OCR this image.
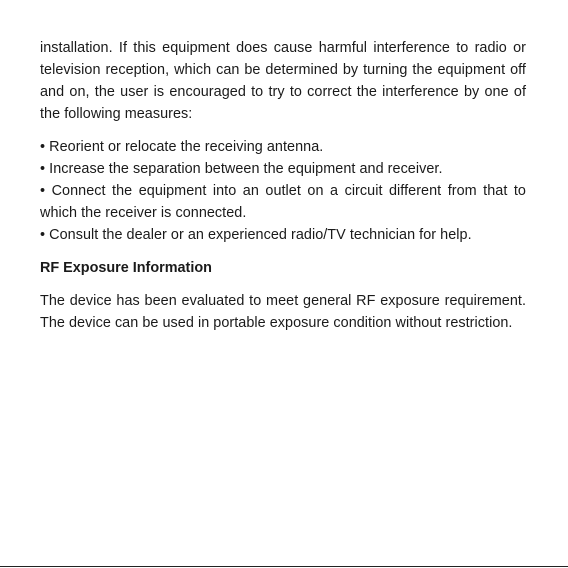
installation. If this equipment does cause harmful interference to radio or television reception, which can be determined by turning the equipment off and on, the user is encouraged to try to correct the interference by one of the following measures:

• Reorient or relocate the receiving antenna.
• Increase the separation between the equipment and receiver.
• Connect the equipment into an outlet on a circuit different from that to which the receiver is connected.
• Consult the dealer or an experienced radio/TV technician for help.
RF Exposure Information

The device has been evaluated to meet general RF exposure requirement. The device can be used in portable exposure condition without restriction.
